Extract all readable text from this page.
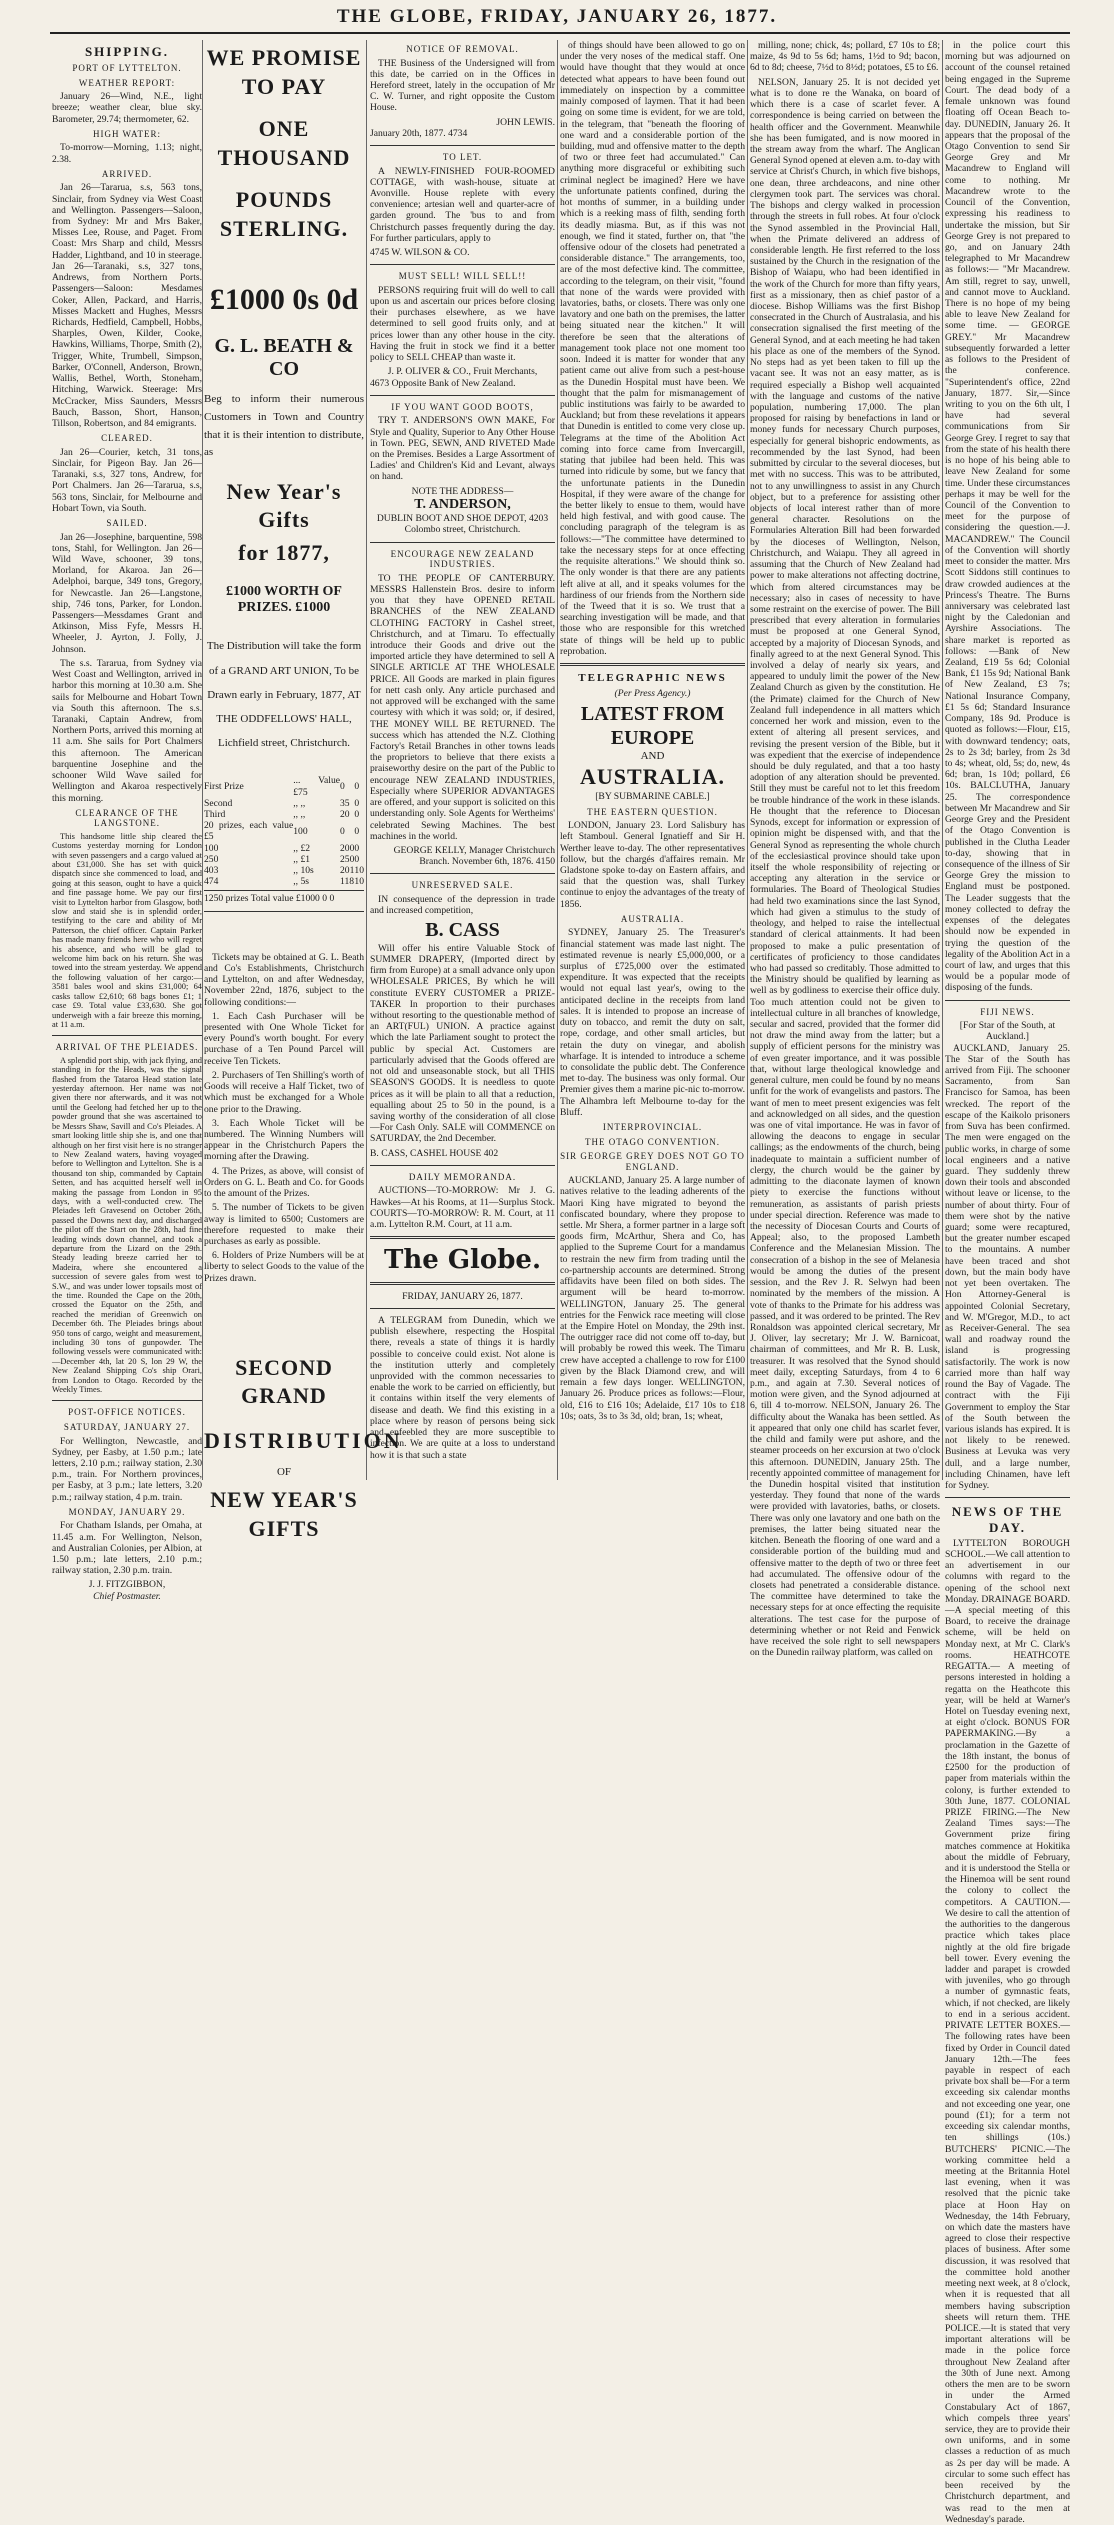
THE GLOBE, FRIDAY, JANUARY 26, 1877.
SHIPPING.
PORT OF LYTTELTON.
WEATHER REPORT:

January 26—Wind, N.E., light breeze; weather clear, blue sky. Barometer, 29.74; thermometer, 62.

HIGH WATER:

To-morrow—Morning, 1.13; night, 2.38.

ARRIVED.

Jan 26—Tararua, s.s, 563 tons, Sinclair, from Sydney via West Coast and Wellington. Passengers—Saloon, from Sydney: Mr and Mrs Baker, Misses Lee, Rouse, and Paget. From Coast: Mrs Sharp and child, Messrs Hadder, Lightband, and 10 in steerage. Jan 26—Taranaki, s.s, 327 tons, Andrews, from Northern Ports. Passengers—Saloon: Mesdames Coker, Allen, Packard, and Harris, Misses Mackett and Hughes, Messrs Richards, Hedfield, Campbell, Hobbs, Sharples, Owen, Kilder, Cooke, Hawkins, Williams, Thorpe, Smith (2), Trigger, White, Trumbell, Simpson, Barker, O'Connell, Anderson, Brown, Wallis, Bethel, Worth, Stoneham, Hitching, Warwick. Steerage: Mrs McCracker, Miss Saunders, Messrs Bauch, Basson, Short, Hanson, Tillson, Robertson, and 84 emigrants.

CLEARED.

Jan 26—Courier, ketch, 31 tons, Sinclair, for Pigeon Bay. Jan 26—Taranaki, s.s, 327 tons, Andrew, for Port Chalmers. Jan 26—Tararua, s.s, 563 tons, Sinclair, for Melbourne and Hobart Town, via South.

SAILED.

Jan 26—Josephine, barquentine, 598 tons, Stahl, for Wellington. Jan 26—Wild Wave, schooner, 39 tons, Morland, for Akaroa. Jan 26—Adelphoi, barque, 349 tons, Gregory, for Newcastle. Jan 26—Langstone, ship, 746 tons, Parker, for London. Passengers—Messdames Grant and Atkinson, Miss Fyfe, Messrs H. Wheeler, J. Ayrton, J. Folly, J. Johnson.

The s.s. Tararua, from Sydney via West Coast and Wellington, arrived in harbor this morning at 10.30 a.m. She sails for Melbourne and Hobart Town via South this afternoon. The s.s. Taranaki, Captain Andrew, from Northern Ports, arrived this morning at 11 a.m. She sails for Port Chalmers this afternoon. The American barquentine Josephine and the schooner Wild Wave sailed for Wellington and Akaroa respectively this morning.

CLEARANCE OF THE LANGSTONE.

This handsome little ship cleared the Customs yesterday morning for London with seven passengers and a cargo valued at about £31,000. She has set with quick dispatch since she commenced to load, and going at this season, ought to have a quick and fine passage home. We pay our first visit to Lyttelton harbor from Glasgow, both slow and staid she is in splendid order, testifying to the care and ability of Mr Patterson, the chief officer. Captain Parker has made many friends here who will regret his absence, and who will be glad to welcome him back on his return. She was towed into the stream yesterday. We append the following valuation of her cargo:— 3581 bales wool and skins £31,000; 64 casks tallow £2,610; 68 bags bones £1; 1 case £9. Total value £33,630. She got underweigh with a fair breeze this morning, at 11 a.m.

ARRIVAL OF THE PLEIADES.

A splendid port ship, with jack flying, and standing in for the Heads, was the signal flashed from the Tataroa Head station late yesterday afternoon. Her name was not given there nor afterwards, and it was not until the Geelong had fetched her up to the powder ground that she was ascertained to be Messrs Shaw, Savill and Co's Pleiades. A smart looking little ship she is, and one that although on her first visit here is no stranger to New Zealand waters, having voyaged before to Wellington and Lyttelton. She is a thousand ton ship, commanded by Captain Setten, and has acquitted herself well in making the passage from London in 95 days, with a well-conducted crew. The Pleiades left Gravesend on October 26th, passed the Downs next day, and discharged the pilot off the Start on the 28th, had fine leading winds down channel, and took a departure from the Lizard on the 29th. Steady leading breeze carried her to Madeira, where she encountered a succession of severe gales from west to S.W., and was under lower topsails most of the time. Rounded the Cape on the 20th, crossed the Equator on the 25th, and reached the meridian of Greenwich on December 6th. The Pleiades brings about 950 tons of cargo, weight and measurement, including 30 tons of gunpowder. The following vessels were communicated with:—December 4th, lat 20 S, lon 29 W, the New Zealand Shipping Co's ship Orari, from London to Otago. Recorded by the Weekly Times.

POST-OFFICE NOTICES.
SATURDAY, JANUARY 27.

For Wellington, Newcastle, and Sydney, per Easby, at 1.50 p.m.; late letters, 2.10 p.m.; railway station, 2.30 p.m., train. For Northern provinces, per Easby, at 3 p.m.; late letters, 3.20 p.m.; railway station, 4 p.m. train.

MONDAY, JANUARY 29.

For Chatham Islands, per Omaha, at 11.45 a.m. For Wellington, Nelson, and Australian Colonies, per Albion, at 1.50 p.m.; late letters, 2.10 p.m.; railway station, 2.30 p.m. train.

J. J. FITZGIBBON,
Chief Postmaster.
WE PROMISE TO PAY
ONE THOUSAND
POUNDS STERLING.
£1000 0s 0d
G. L. BEATH & CO
Beg to inform their numerous Customers in Town and Country that it is their intention to distribute, as
New Year's Gifts
for 1877,
£1000 WORTH OF PRIZES. £1000
The Distribution will take the form of a GRAND ART UNION, To be Drawn early in February, 1877, AT THE ODDFELLOWS' HALL, Lichfield street, Christchurch.
First Prize	... Value £75	0	0
Second	,, ,,	35	0
Third	,, ,,	20	0
20 prizes, each value £5	100	0	0
100	,, £2	200	0
250	,, £1	250	0
403	,, 10s	201	10
474	,, 5s	118	10
1250 prizes Total value £1000 0 0

Tickets may be obtained at G. L. Beath and Co's Establishments, Christchurch and Lyttelton, on and after Wednesday, November 22nd, 1876, subject to the following conditions:—

1. Each Cash Purchaser will be presented with One Whole Ticket for every Pound's worth bought. For every purchase of a Ten Pound Parcel will receive Ten Tickets.

2. Purchasers of Ten Shilling's worth of Goods will receive a Half Ticket, two of which must be exchanged for a Whole one prior to the Drawing.

3. Each Whole Ticket will be numbered. The Winning Numbers will appear in the Christchurch Papers the morning after the Drawing.

4. The Prizes, as above, will consist of Orders on G. L. Beath and Co. for Goods to the amount of the Prizes.

5. The number of Tickets to be given away is limited to 6500; Customers are therefore requested to make their purchases as early as possible.

6. Holders of Prize Numbers will be at liberty to select Goods to the value of the Prizes drawn.

SECOND GRAND
DISTRIBUTION
OF
NEW YEAR'S GIFTS
NOTICE OF REMOVAL.

THE Business of the Undersigned will from this date, be carried on in the Offices in Hereford street, lately in the occupation of Mr C. W. Turner, and right opposite the Custom House.

JOHN LEWIS.
January 20th, 1877. 4734
TO LET.

A NEWLY-FINISHED FOUR-ROOMED COTTAGE, with wash-house, situate at Avonville. House replete with every convenience; artesian well and quarter-acre of garden ground. The 'bus to and from Christchurch passes frequently during the day. For further particulars, apply to

4745 W. WILSON & CO.
MUST SELL! WILL SELL!!

PERSONS requiring fruit will do well to call upon us and ascertain our prices before closing their purchases elsewhere, as we have determined to sell good fruits only, and at prices lower than any other house in the city. Having the fruit in stock we find it a better policy to SELL CHEAP than waste it.

J. P. OLIVER & CO., Fruit Merchants,
4673 Opposite Bank of New Zealand.
IF YOU WANT GOOD BOOTS,

TRY T. ANDERSON'S OWN MAKE, For Style and Quality, Superior to Any Other House in Town. PEG, SEWN, AND RIVETED Made on the Premises. Besides a Large Assortment of Ladies' and Children's Kid and Levant, always on hand.

NOTE THE ADDRESS—
T. ANDERSON,
DUBLIN BOOT AND SHOE DEPOT, 4203 Colombo street, Christchurch.
ENCOURAGE NEW ZEALAND INDUSTRIES.

TO THE PEOPLE OF CANTERBURY. MESSRS Hallenstein Bros. desire to inform you that they have OPENED RETAIL BRANCHES of the NEW ZEALAND CLOTHING FACTORY in Cashel street, Christchurch, and at Timaru. To effectually introduce their Goods and drive out the imported article they have determined to sell A SINGLE ARTICLE AT THE WHOLESALE PRICE. All Goods are marked in plain figures for nett cash only. Any article purchased and not approved will be exchanged with the same courtesy with which it was sold; or, if desired, THE MONEY WILL BE RETURNED. The success which has attended the N.Z. Clothing Factory's Retail Branches in other towns leads the proprietors to believe that there exists a praiseworthy desire on the part of the Public to encourage NEW ZEALAND INDUSTRIES, Especially where SUPERIOR ADVANTAGES are offered, and your support is solicited on this understanding only. Sole Agents for Wertheims' celebrated Sewing Machines. The best machines in the world.

GEORGE KELLY, Manager Christchurch Branch. November 6th, 1876. 4150
UNRESERVED SALE.

IN consequence of the depression in trade and increased competition,

B. CASS

Will offer his entire Valuable Stock of SUMMER DRAPERY, (Imported direct by firm from Europe) at a small advance only upon WHOLESALE PRICES, By which he will constitute EVERY CUSTOMER a PRIZE-TAKER In proportion to their purchases without resorting to the questionable method of an ART(FUL) UNION. A practice against which the late Parliament sought to protect the public by special Act. Customers are particularly advised that the Goods offered are not old and unseasonable stock, but all THIS SEASON'S GOODS. It is needless to quote prices as it will be plain to all that a reduction, equalling about 25 to 50 in the pound, is a saving worthy of the consideration of all close—For Cash Only. SALE will COMMENCE on SATURDAY, the 2nd December.

B. CASS, CASHEL HOUSE 402
DAILY MEMORANDA.

AUCTIONS—TO-MORROW: Mr J. G. Hawkes—At his Rooms, at 11—Surplus Stock. COURTS—TO-MORROW: R. M. Court, at 11 a.m. Lyttelton R.M. Court, at 11 a.m.

The Globe.
FRIDAY, JANUARY 26, 1877.

A TELEGRAM from Dunedin, which we publish elsewhere, respecting the Hospital there, reveals a state of things it is hardly possible to conceive could exist. Not alone is the institution utterly and completely unprovided with the common necessaries to enable the work to be carried on efficiently, but it contains within itself the very elements of disease and death. We find this existing in a place where by reason of persons being sick and enfeebled they are more susceptible to infection. We are quite at a loss to understand how it is that such a state

of things should have been allowed to go on under the very noses of the medical staff. One would have thought that they would at once detected what appears to have been found out immediately on inspection by a committee mainly composed of laymen. That it had been going on some time is evident, for we are told, in the telegram, that "beneath the flooring of one ward and a considerable portion of the building, mud and offensive matter to the depth of two or three feet had accumulated." Can anything more disgraceful or exhibiting such criminal neglect be imagined? Here we have the unfortunate patients confined, during the hot months of summer, in a building under which is a reeking mass of filth, sending forth its deadly miasma. But, as if this was not enough, we find it stated, further on, that "the offensive odour of the closets had penetrated a considerable distance." The arrangements, too, are of the most defective kind. The committee, according to the telegram, on their visit, "found that none of the wards were provided with lavatories, baths, or closets. There was only one lavatory and one bath on the premises, the latter being situated near the kitchen." It will therefore be seen that the alterations of management took place not one moment too soon. Indeed it is matter for wonder that any patient came out alive from such a pest-house as the Dunedin Hospital must have been. We thought that the palm for mismanagement of public institutions was fairly to be awarded to Auckland; but from these revelations it appears that Dunedin is entitled to come very close up. Telegrams at the time of the Abolition Act coming into force came from Invercargill, stating that jubilee had been held. This was turned into ridicule by some, but we fancy that the unfortunate patients in the Dunedin Hospital, if they were aware of the change for the better likely to ensue to them, would have held high festival, and with good cause. The concluding paragraph of the telegram is as follows:—"The committee have determined to take the necessary steps for at once effecting the requisite alterations." We should think so. The only wonder is that there are any patients left alive at all, and it speaks volumes for the hardiness of our friends from the Northern side of the Tweed that it is so. We trust that a searching investigation will be made, and that those who are responsible for this wretched state of things will be held up to public reprobation.

TELEGRAPHIC NEWS
(Per Press Agency.)
LATEST FROM EUROPE
AND
AUSTRALIA.
[BY SUBMARINE CABLE.]
THE EASTERN QUESTION.

LONDON, January 23. Lord Salisbury has left Stamboul. General Ignatieff and Sir H. Werther leave to-day. The other representatives follow, but the chargés d'affaires remain. Mr Gladstone spoke to-day on Eastern affairs, and said that the question was, shall Turkey continue to enjoy the advantages of the treaty of 1856.

AUSTRALIA.

SYDNEY, January 25. The Treasurer's financial statement was made last night. The estimated revenue is nearly £5,000,000, or a surplus of £725,000 over the estimated expenditure. It was expected that the receipts would not equal last year's, owing to the anticipated decline in the receipts from land sales. It is intended to propose an increase of duty on tobacco, and remit the duty on salt, rope, cordage, and other small articles, but retain the duty on vinegar, and abolish wharfage. It is intended to introduce a scheme to consolidate the public debt. The Conference met to-day. The business was only formal. Our Premier gives them a marine pic-nic to-morrow. The Alhambra left Melbourne to-day for the Bluff.

INTERPROVINCIAL.
THE OTAGO CONVENTION.
SIR GEORGE GREY DOES NOT GO TO ENGLAND.

AUCKLAND, January 25. A large number of natives relative to the leading adherents of the Maori King have migrated to beyond the confiscated boundary, where they propose to settle. Mr Shera, a former partner in a large soft goods firm, McArthur, Shera and Co, has applied to the Supreme Court for a mandamus to restrain the new firm from trading until the co-partnership accounts are determined. Strong affidavits have been filed on both sides. The argument will be heard to-morrow. WELLINGTON, January 25. The general entries for the Fenwick race meeting will close at the Empire Hotel on Monday, the 29th inst. The outrigger race did not come off to-day, but will probably be rowed this week. The Timaru crew have accepted a challenge to row for £100 given by the Black Diamond crew, and will remain a few days longer. WELLINGTON, January 26. Produce prices as follows:—Flour, old, £16 to £16 10s; Adelaide, £17 10s to £18 10s; oats, 3s to 3s 3d, old; bran, 1s; wheat,

milling, none; chick, 4s; pollard, £7 10s to £8; maize, 4s 9d to 5s 6d; hams, 1½d to 9d; bacon, 6d to 8d; cheese, 7½d to 8½d; potatoes, £5 to £6.

NELSON, January 25. It is not decided yet what is to done re the Wanaka, on board of which there is a case of scarlet fever. A correspondence is being carried on between the health officer and the Government. Meanwhile she has been fumigated, and is now moored in the stream away from the wharf. The Anglican General Synod opened at eleven a.m. to-day with service at Christ's Church, in which five bishops, one dean, three archdeacons, and nine other clergymen took part. The services was choral. The bishops and clergy walked in procession through the streets in full robes. At four o'clock the Synod assembled in the Provincial Hall, when the Primate delivered an address of considerable length. He first referred to the loss sustained by the Church in the resignation of the Bishop of Waiapu, who had been identified in the work of the Church for more than fifty years, first as a missionary, then as chief pastor of a diocese. Bishop Williams was the first Bishop consecrated in the Church of Australasia, and his consecration signalised the first meeting of the General Synod, and at each meeting he had taken his place as one of the members of the Synod. No steps had as yet been taken to fill up the vacant see. It was not an easy matter, as is required especially a Bishop well acquainted with the language and customs of the native population, numbering 17,000. The plan proposed for raising by benefactions in land or money funds for necessary Church purposes, especially for general bishopric endowments, as recommended by the last Synod, had been submitted by circular to the several dioceses, but met with no success. This was to be attributed, not to any unwillingness to assist in any Church object, but to a preference for assisting other objects of local interest rather than of more general character. Resolutions on the Formularies Alteration Bill had been forwarded by the dioceses of Wellington, Nelson, Christchurch, and Waiapu. They all agreed in assuming that the Church of New Zealand had power to make alterations not affecting doctrine, which from altered circumstances may be necessary; also in cases of necessity to have some restraint on the exercise of power. The Bill prescribed that every alteration in formularies must be proposed at one General Synod, accepted by a majority of Diocesan Synods, and finally agreed to at the next General Synod. This involved a delay of nearly six years, and appeared to unduly limit the power of the New Zealand Church as given by the constitution. He (the Primate) claimed for the Church of New Zealand full independence in all matters which concerned her work and mission, even to the extent of altering all present services, and revising the present version of the Bible, but it was expedient that the exercise of independence should be duly regulated, and that a too hasty adoption of any alteration should be prevented. Still they must be careful not to let this freedom be trouble hindrance of the work in these islands. He thought that the reference to Diocesan Synods, except for information or expression of opinion might be dispensed with, and that the General Synod as representing the whole church of the ecclesiastical province should take upon itself the whole responsibility of rejecting or accepting any alteration in the service or formularies. The Board of Theological Studies had held two examinations since the last Synod, which had given a stimulus to the study of theology, and helped to raise the intellectual standard of clerical attainments. It had been proposed to make a pulic presentation of certificates of proficiency to those candidates who had passed so creditably. Those admitted to the Ministry should be qualified by learning as well as by godliness to exercise their office duly. Too much attention could not be given to intellectual culture in all branches of knowledge, secular and sacred, provided that the former did not draw the mind away from the latter; but a supply of efficient persons for the ministry was of even greater importance, and it was possible that, without large theological knowledge and general culture, men could be found by no means unfit for the work of evangelists and pastors. The want of men to meet present exigencies was felt and acknowledged on all sides, and the question was one of vital importance. He was in favor of allowing the deacons to engage in secular callings; as the endowments of the church, being inadequate to maintain a sufficient number of clergy, the church would be the gainer by admitting to the diaconate laymen of known piety to exercise the functions without remuneration, as assistants of parish priests under special direction. Reference was made to the necessity of Diocesan Courts and Courts of Appeal; also, to the proposed Lambeth Conference and the Melanesian Mission. The consecration of a bishop in the see of Melanesia would be among the duties of the present session, and the Rev J. R. Selwyn had been nominated by the members of the mission. A vote of thanks to the Primate for his address was passed, and it was ordered to be printed. The Rev Ronaldson was appointed clerical secretary, Mr J. Oliver, lay secretary; Mr J. W. Barnicoat, chairman of committees, and Mr R. B. Lusk, treasurer. It was resolved that the Synod should meet daily, excepting Saturdays, from 4 to 6 p.m., and again at 7.30. Several notices of motion were given, and the Synod adjourned at 6, till 4 to-morrow. NELSON, January 26. The difficulty about the Wanaka has been settled. As it appeared that only one child has scarlet fever, the child and family were put ashore, and the steamer proceeds on her excursion at two o'clock this afternoon. DUNEDIN, January 25th. The recently appointed committee of management for the Dunedin hospital visited that institution yesterday. They found that none of the wards were provided with lavatories, baths, or closets. There was only one lavatory and one bath on the premises, the latter being situated near the kitchen. Beneath the flooring of one ward and a considerable portion of the building mud and offensive matter to the depth of two or three feet had accumulated. The offensive odour of the closets had penetrated a considerable distance. The committee have determined to take the necessary steps for at once effecting the requisite alterations. The test case for the purpose of determining whether or not Reid and Fenwick have received the sole right to sell newspapers on the Dunedin railway platform, was called on

in the police court this morning but was adjourned on account of the counsel retained being engaged in the Supreme Court. The dead body of a female unknown was found floating off Ocean Beach to-day. DUNEDIN, January 26. It appears that the proposal of the Otago Convention to send Sir George Grey and Mr Macandrew to England will come to nothing. Mr Macandrew wrote to the Council of the Convention, expressing his readiness to undertake the mission, but Sir George Grey is not prepared to go, and on January 24th telegraphed to Mr Macandrew as follows:— "Mr Macandrew. Am still, regret to say, unwell, and cannot move to Auckland. There is no hope of my being able to leave New Zealand for some time. — GEORGE GREY." Mr Macandrew subsequently forwarded a letter as follows to the President of the conference. "Superintendent's office, 22nd January, 1877. Sir,—Since writing to you on the 6th ult, I have had several communications from Sir George Grey. I regret to say that from the state of his health there is no hope of his being able to leave New Zealand for some time. Under these circumstances perhaps it may be well for the Council of the Convention to meet for the purpose of considering the question.—J. MACANDREW." The Council of the Convention will shortly meet to consider the matter. Mrs Scott Siddons still continues to draw crowded audiences at the Princess's Theatre. The Burns anniversary was celebrated last night by the Caledonian and Ayrshire Associations. The share market is reported as follows: —Bank of New Zealand, £19 5s 6d; Colonial Bank, £1 15s 9d; National Bank of New Zealand, £3 7s; National Insurance Company, £1 5s 6d; Standard Insurance Company, 18s 9d. Produce is quoted as follows:—Flour, £15, with downward tendency; oats, 2s to 2s 3d; barley, from 2s 3d to 4s; wheat, old, 5s; do, new, 4s 6d; bran, 1s 10d; pollard, £6 10s. BALCLUTHA, January 25. The correspondence between Mr Macandrew and Sir George Grey and the President of the Otago Convention is published in the Clutha Leader to-day, showing that in consequence of the illness of Sir George Grey the mission to England must be postponed. The Leader suggests that the money collected to defray the expenses of the delegates should now be expended in trying the question of the legality of the Abolition Act in a court of law, and urges that this would be a popular mode of disposing of the funds.

FIJI NEWS.
[For Star of the South, at Auckland.]

AUCKLAND, January 25. The Star of the South has arrived from Fiji. The schooner Sacramento, from San Francisco for Samoa, has been wrecked. The report of the escape of the Kaikolo prisoners from Suva has been confirmed. The men were engaged on the public works, in charge of some local engineers and a native guard. They suddenly threw down their tools and absconded without leave or license, to the number of about thirty. Four of them were shot by the native guard; some were recaptured, but the greater number escaped to the mountains. A number have been traced and shot down, but the main body have not yet been overtaken. The Hon Attorney-General is appointed Colonial Secretary, and W. M'Gregor, M.D., to act as Receiver-General. The sea wall and roadway round the island is progressing satisfactorily. The work is now carried more than half way round the Bay of Vagade. The contract with the Fiji Government to employ the Star of the South between the various islands has expired. It is not likely to be renewed. Business at Levuka was very dull, and a large number, including Chinamen, have left for Sydney.

NEWS OF THE DAY.

LYTTELTON BOROUGH SCHOOL.—We call attention to an advertisement in our columns with regard to the opening of the school next Monday. DRAINAGE BOARD.—A special meeting of this Board, to receive the drainage scheme, will be held on Monday next, at Mr C. Clark's rooms. HEATHCOTE REGATTA.— A meeting of persons interested in holding a regatta on the Heathcote this year, will be held at Warner's Hotel on Tuesday evening next, at eight o'clock. BONUS FOR PAPERMAKING.—By a proclamation in the Gazette of the 18th instant, the bonus of £2500 for the production of paper from materials within the colony, is further extended to 30th June, 1877. COLONIAL PRIZE FIRING.—The New Zealand Times says:—The Government prize firing matches commence at Hokitika about the middle of February, and it is understood the Stella or the Hinemoa will be sent round the colony to collect the competitors. A CAUTION.—We desire to call the attention of the authorities to the dangerous practice which takes place nightly at the old fire brigade bell tower. Every evening the ladder and parapet is crowded with juveniles, who go through a number of gymnastic feats, which, if not checked, are likely to end in a serious accident. PRIVATE LETTER BOXES.—The following rates have been fixed by Order in Council dated January 12th.—The fees payable in respect of each private box shall be—For a term exceeding six calendar months and not exceeding one year, one pound (£1); for a term not exceeding six calendar months, ten shillings (10s.) BUTCHERS' PICNIC.—The working committee held a meeting at the Britannia Hotel last evening, when it was resolved that the picnic take place at Hoon Hay on Wednesday, the 14th February, on which date the masters have agreed to close their respective places of business. After some discussion, it was resolved that the committee hold another meeting next week, at 8 o'clock, when it is requested that all members having subscription sheets will return them. THE POLICE.—It is stated that very important alterations will be made in the police force throughout New Zealand after the 30th of June next. Among others the men are to be sworn in under the Armed Constabulary Act of 1867, which compels three years' service, they are to provide their own uniforms, and in some classes a reduction of as much as 2s per day will be made. A circular to some such effect has been received by the Christchurch department, and was read to the men at Wednesday's parade.
